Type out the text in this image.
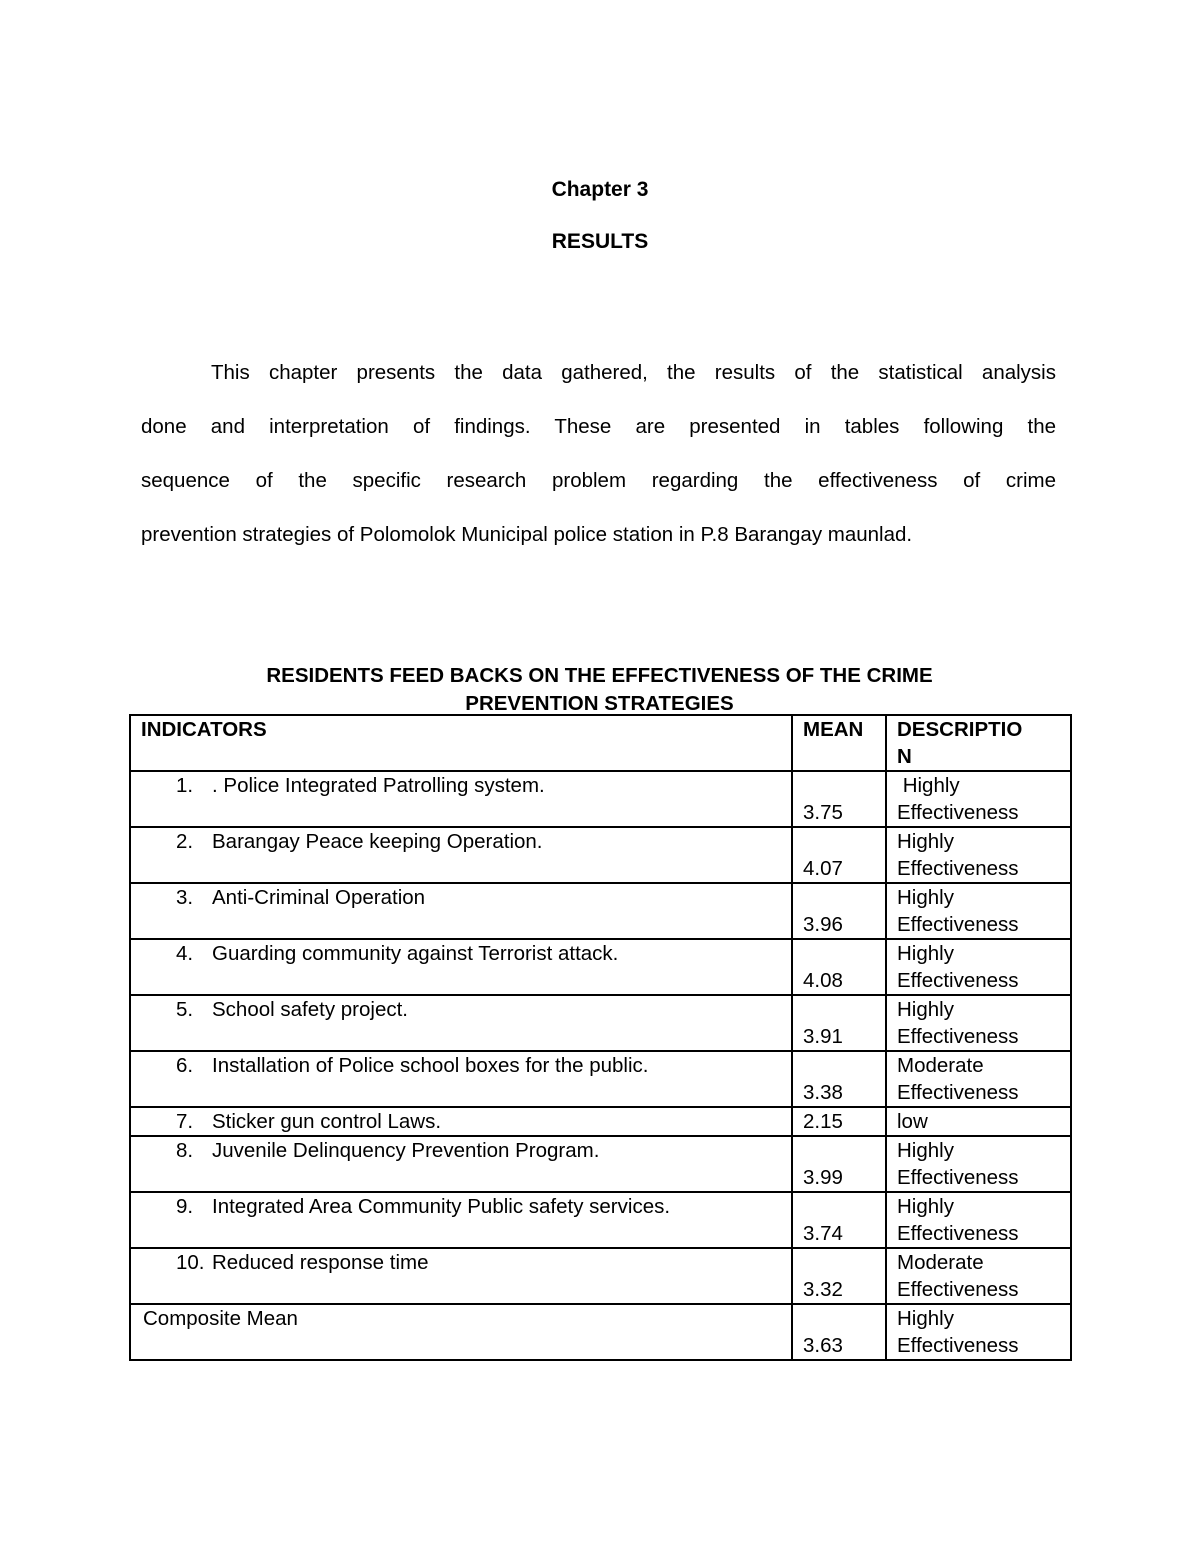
Chapter 3
RESULTS
This chapter presents the data gathered, the results of the statistical analysis
done and interpretation of findings. These are presented in tables following the
sequence of the specific research problem regarding the effectiveness of crime
prevention strategies of Polomolok Municipal police station in P.8 Barangay maunlad.
RESIDENTS FEED BACKS ON THE EFFECTIVENESS OF THE CRIME
PREVENTION STRATEGIES
INDICATORS	MEAN	DESCRIPTIO
N

1. . Police Integrated Patrolling system.	3.75	Highly
Effectiveness

2. Barangay Peace keeping Operation.	4.07	Highly
Effectiveness

3. Anti-Criminal Operation	3.96	Highly
Effectiveness

4. Guarding community against Terrorist attack.	4.08	Highly
Effectiveness

5. School safety project.	3.91	Highly
Effectiveness

6. Installation of Police school boxes for the public.	3.38	Moderate
Effectiveness

7. Sticker gun control Laws.	2.15	low

8. Juvenile Delinquency Prevention Program.	3.99	Highly
Effectiveness

9. Integrated Area Community Public safety services.	3.74	Highly
Effectiveness

10. Reduced response time	3.32	Moderate
Effectiveness

Composite Mean	3.63	Highly
Effectiveness
